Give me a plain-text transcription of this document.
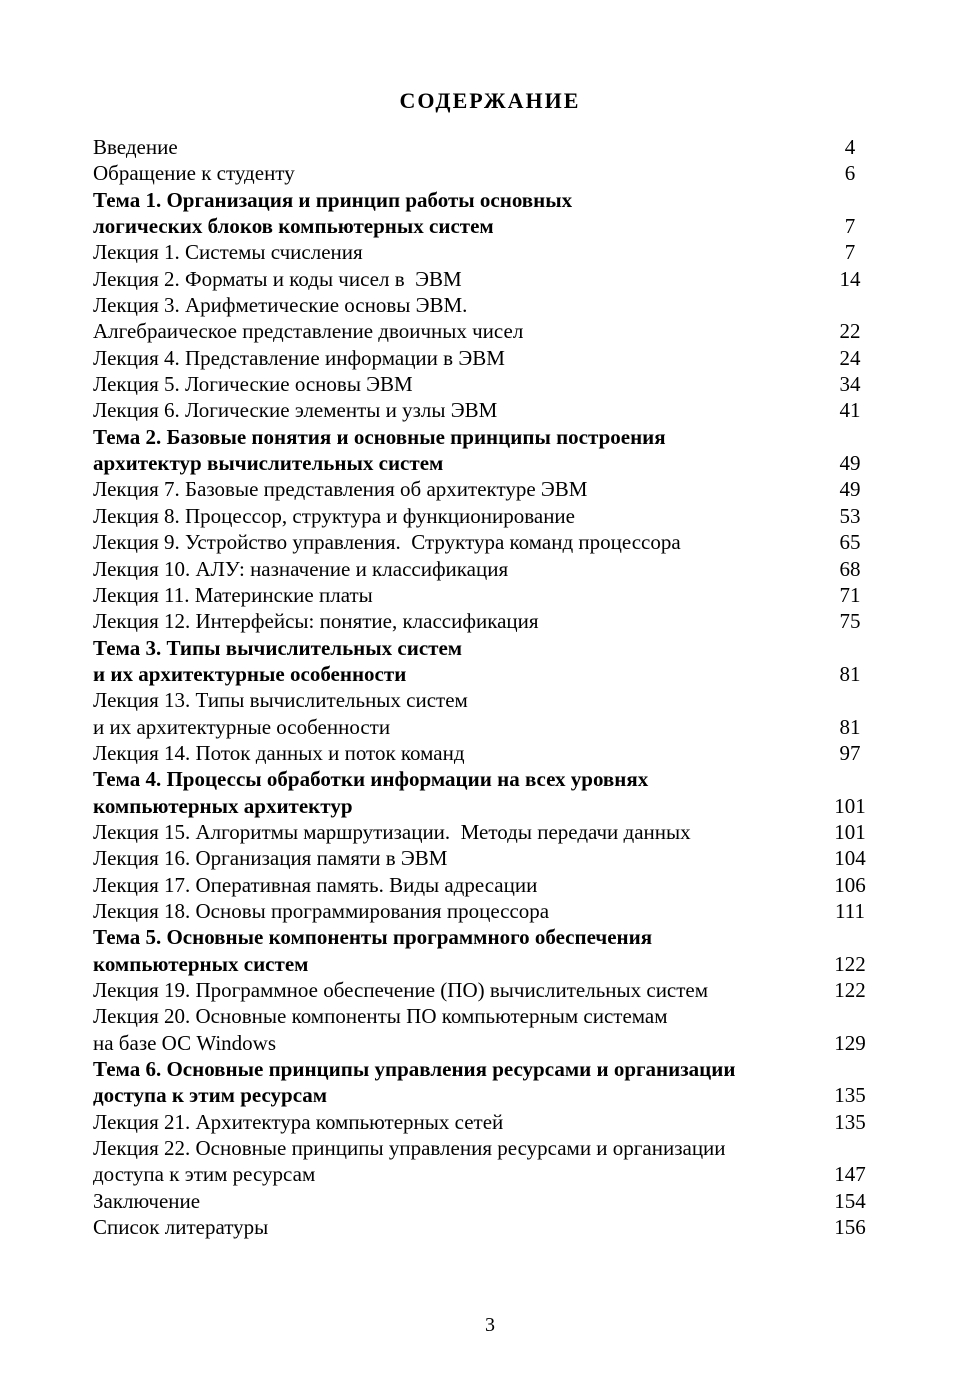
СОДЕРЖАНИЕ
Введение	4
Обращение к студенту	6
Тема 1. Организация и принцип работы основных
логических блоков компьютерных систем	7
Лекция 1. Системы счисления	7
Лекция 2. Форматы и коды чисел в  ЭВМ	14
Лекция 3. Арифметические основы ЭВМ.
Алгебраическое представление двоичных чисел	22
Лекция 4. Представление информации в ЭВМ	24
Лекция 5. Логические основы ЭВМ	34
Лекция 6. Логические элементы и узлы ЭВМ	41
Тема 2. Базовые понятия и основные принципы построения
архитектур вычислительных систем	49
Лекция 7. Базовые представления об архитектуре ЭВМ	49
Лекция 8. Процессор, структура и функционирование	53
Лекция 9. Устройство управления.  Структура команд процессора	65
Лекция 10. АЛУ: назначение и классификация	68
Лекция 11. Материнские платы	71
Лекция 12. Интерфейсы: понятие, классификация	75
Тема 3. Типы вычислительных систем
и их архитектурные особенности	81
Лекция 13. Типы вычислительных систем
и их архитектурные особенности	81
Лекция 14. Поток данных и поток команд	97
Тема 4. Процессы обработки информации на всех уровнях
компьютерных архитектур	101
Лекция 15. Алгоритмы маршрутизации.  Методы передачи данных	101
Лекция 16. Организация памяти в ЭВМ	104
Лекция 17. Оперативная память. Виды адресации	106
Лекция 18. Основы программирования процессора	111
Тема 5. Основные компоненты программного обеспечения
компьютерных систем	122
Лекция 19. Программное обеспечение (ПО) вычислительных систем	122
Лекция 20. Основные компоненты ПО компьютерным системам
на базе ОС Windows	129
Тема 6. Основные принципы управления ресурсами и организации
доступа к этим ресурсам	135
Лекция 21. Архитектура компьютерных сетей	135
Лекция 22. Основные принципы управления ресурсами и организации
доступа к этим ресурсам	147
Заключение	154
Список литературы	156
3
